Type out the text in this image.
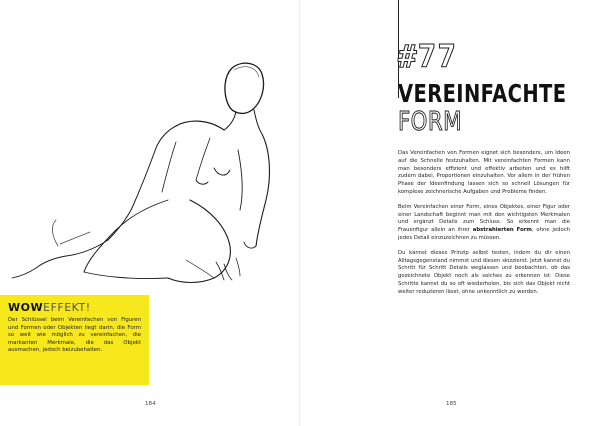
WOWEFFEKT!

Der Schlüssel beim Vereinfachen von Figuren und Formen oder Objekten liegt darin, die Form so weit wie möglich zu vereinfachen, die markanten Merkmale, die das Objekt ausmachen, jedoch beizubehalten.

184

#77

VEREINFACHTE

FORM

Das Vereinfachen von Formen eignet sich besonders, um Ideen auf die Schnelle festzuhalten. Mit vereinfachten Formen kann man besonders effizient und effektiv arbeiten und es hilft zudem dabei, Proportionen einzuhalten. Vor allem in der frühen Phase der Ideenfindung lassen sich so schnell Lösungen für komplexe zeichnerische Aufgaben und Probleme finden.

Beim Vereinfachen einer Form, eines Objektes, einer Figur oder einer Landschaft beginnt man mit den wichtigsten Merkmalen und ergänzt Details zum Schluss. So erkennt man die Frauenfigur allein an ihrer abstrahierten Form, ohne jedoch jedes Detail einzuzeichnen zu müssen.

Du kannst dieses Prinzip selbst testen, indem du dir einen Alltagsgegenstand nimmst und diesen skizzierst. Jetzt kannst du Schritt für Schritt Details weglassen und beobachten, ob das gezeichnete Objekt noch als solches zu erkennen ist. Diese Schritte kannst du so oft wiederholen, bis sich das Objekt nicht weiter reduzieren lässt, ohne unkenntlich zu werden.

185
